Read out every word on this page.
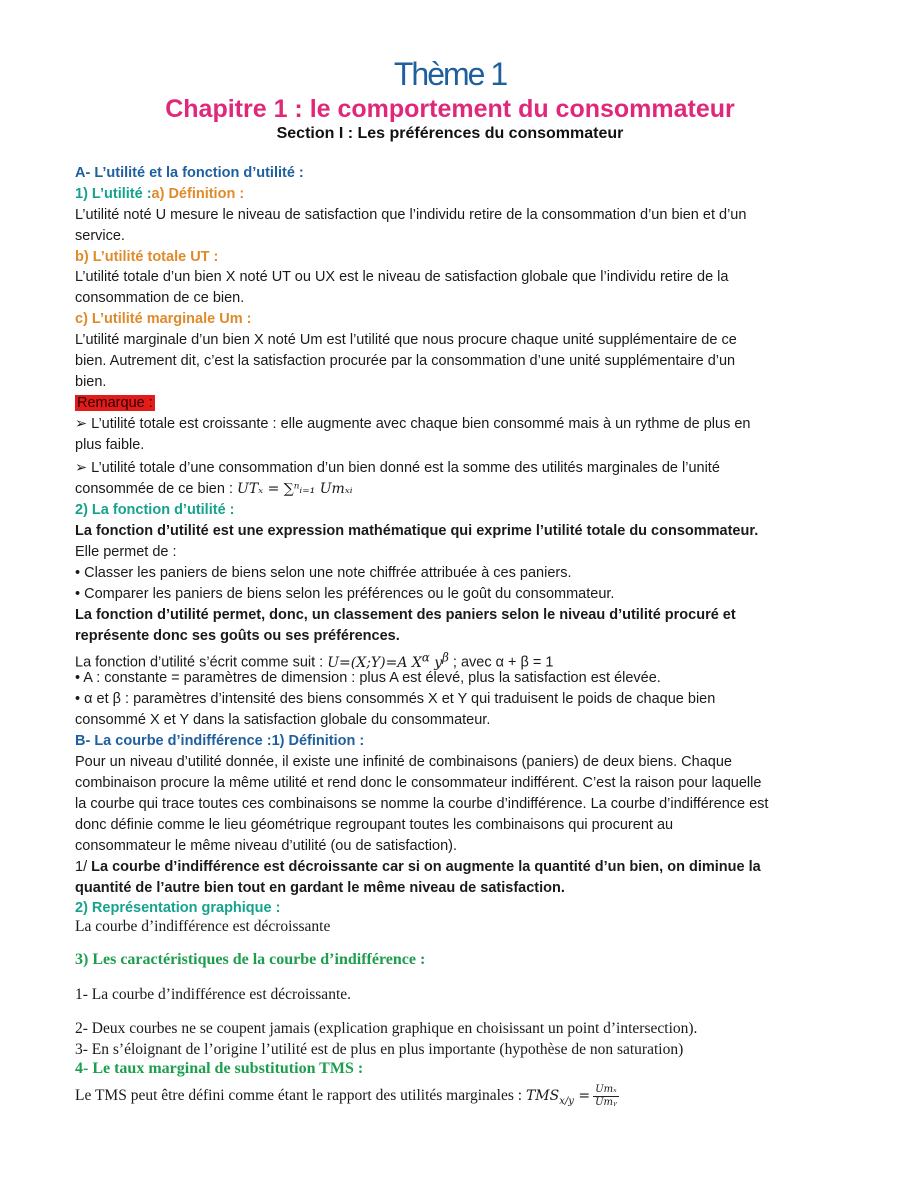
Thème 1
Chapitre 1 : le comportement du consommateur
Section I : Les préférences du consommateur
A- L’utilité et la fonction d’utilité :
1) L’utilité :a) Définition :
L’utilité noté U mesure le niveau de satisfaction que l’individu retire de la consommation d’un bien et d’un
service.
b) L’utilité totale UT :
L’utilité totale d’un bien X noté UT ou UX est le niveau de satisfaction globale que l’individu retire de la
consommation de ce bien.
c) L’utilité marginale Um :
L’utilité marginale d’un bien X noté Um est l’utilité que nous procure chaque unité supplémentaire de ce
bien. Autrement dit, c’est la satisfaction procurée par la consommation d’une unité supplémentaire d’un
bien.
Remarque :
➢ L’utilité totale est croissante : elle augmente avec chaque bien consommé mais à un rythme de plus en
plus faible.
➢ L’utilité totale d’une consommation d’un bien donné est la somme des utilités marginales de l’unité
consommée de ce bien : UTₓ = ∑ⁿᵢ₌₁ Umₓᵢ
2) La fonction d’utilité :
La fonction d’utilité est une expression mathématique qui exprime l’utilité totale du consommateur.
Elle permet de :
• Classer les paniers de biens selon une note chiffrée attribuée à ces paniers.
• Comparer les paniers de biens selon les préférences ou le goût du consommateur.
La fonction d’utilité permet, donc, un classement des paniers selon le niveau d’utilité procuré et
représente donc ses goûts ou ses préférences.
La fonction d’utilité s’écrit comme suit : U=(X;Y)=A $X^\alpha$ $y^\beta$ ; avec α + β = 1
• A : constante = paramètres de dimension : plus A est élevé, plus la satisfaction est élevée.
• α et β : paramètres d’intensité des biens consommés X et Y qui traduisent le poids de chaque bien
consommé X et Y dans la satisfaction globale du consommateur.
B- La courbe d’indifférence :1) Définition :
Pour un niveau d’utilité donnée, il existe une infinité de combinaisons (paniers) de deux biens. Chaque
combinaison procure la même utilité et rend donc le consommateur indifférent. C’est la raison pour laquelle
la courbe qui trace toutes ces combinaisons se nomme la courbe d’indifférence. La courbe d’indifférence est
donc définie comme le lieu géométrique regroupant toutes les combinaisons qui procurent au
consommateur le même niveau d’utilité (ou de satisfaction).
1/ La courbe d’indifférence est décroissante car si on augmente la quantité d’un bien, on diminue la
quantité de l’autre bien tout en gardant le même niveau de satisfaction.
2) Représentation graphique :
La courbe d’indifférence est décroissante
3) Les caractéristiques de la courbe d’indifférence :
1- La courbe d’indifférence est décroissante.
2- Deux courbes ne se coupent jamais (explication graphique en choisissant un point d’intersection).
3- En s’éloignant de l’origine l’utilité est de plus en plus importante (hypothèse de non saturation)
4- Le taux marginal de substitution TMS :
Le TMS peut être défini comme étant le rapport des utilités marginales : $TMS_{x/y} = \frac{\text{Umₓ}}{\text{Umᵧ}}$
